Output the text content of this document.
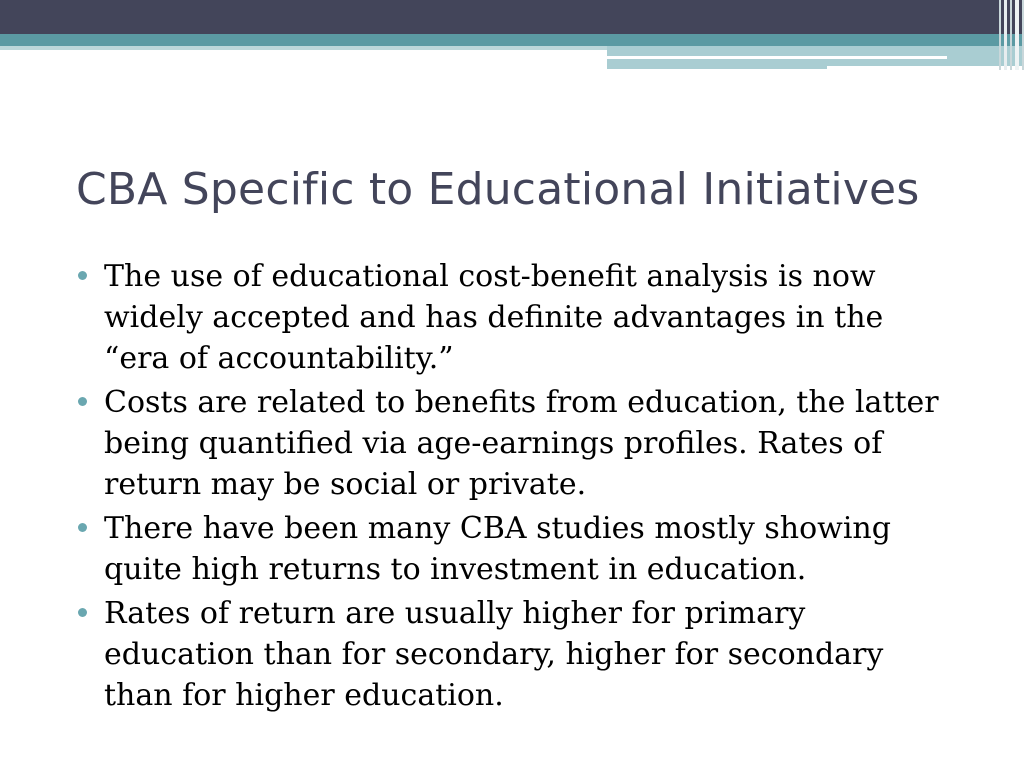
CBA Specific to Educational Initiatives
The use of educational cost-benefit analysis is now widely accepted and has definite advantages in the “era of accountability.”
Costs are related to benefits from education, the latter being quantified via age-earnings profiles. Rates of return may be social or private.
There have been many CBA studies mostly showing quite high returns to investment in education.
Rates of return are usually higher for primary education than for secondary, higher for secondary than for higher education.
